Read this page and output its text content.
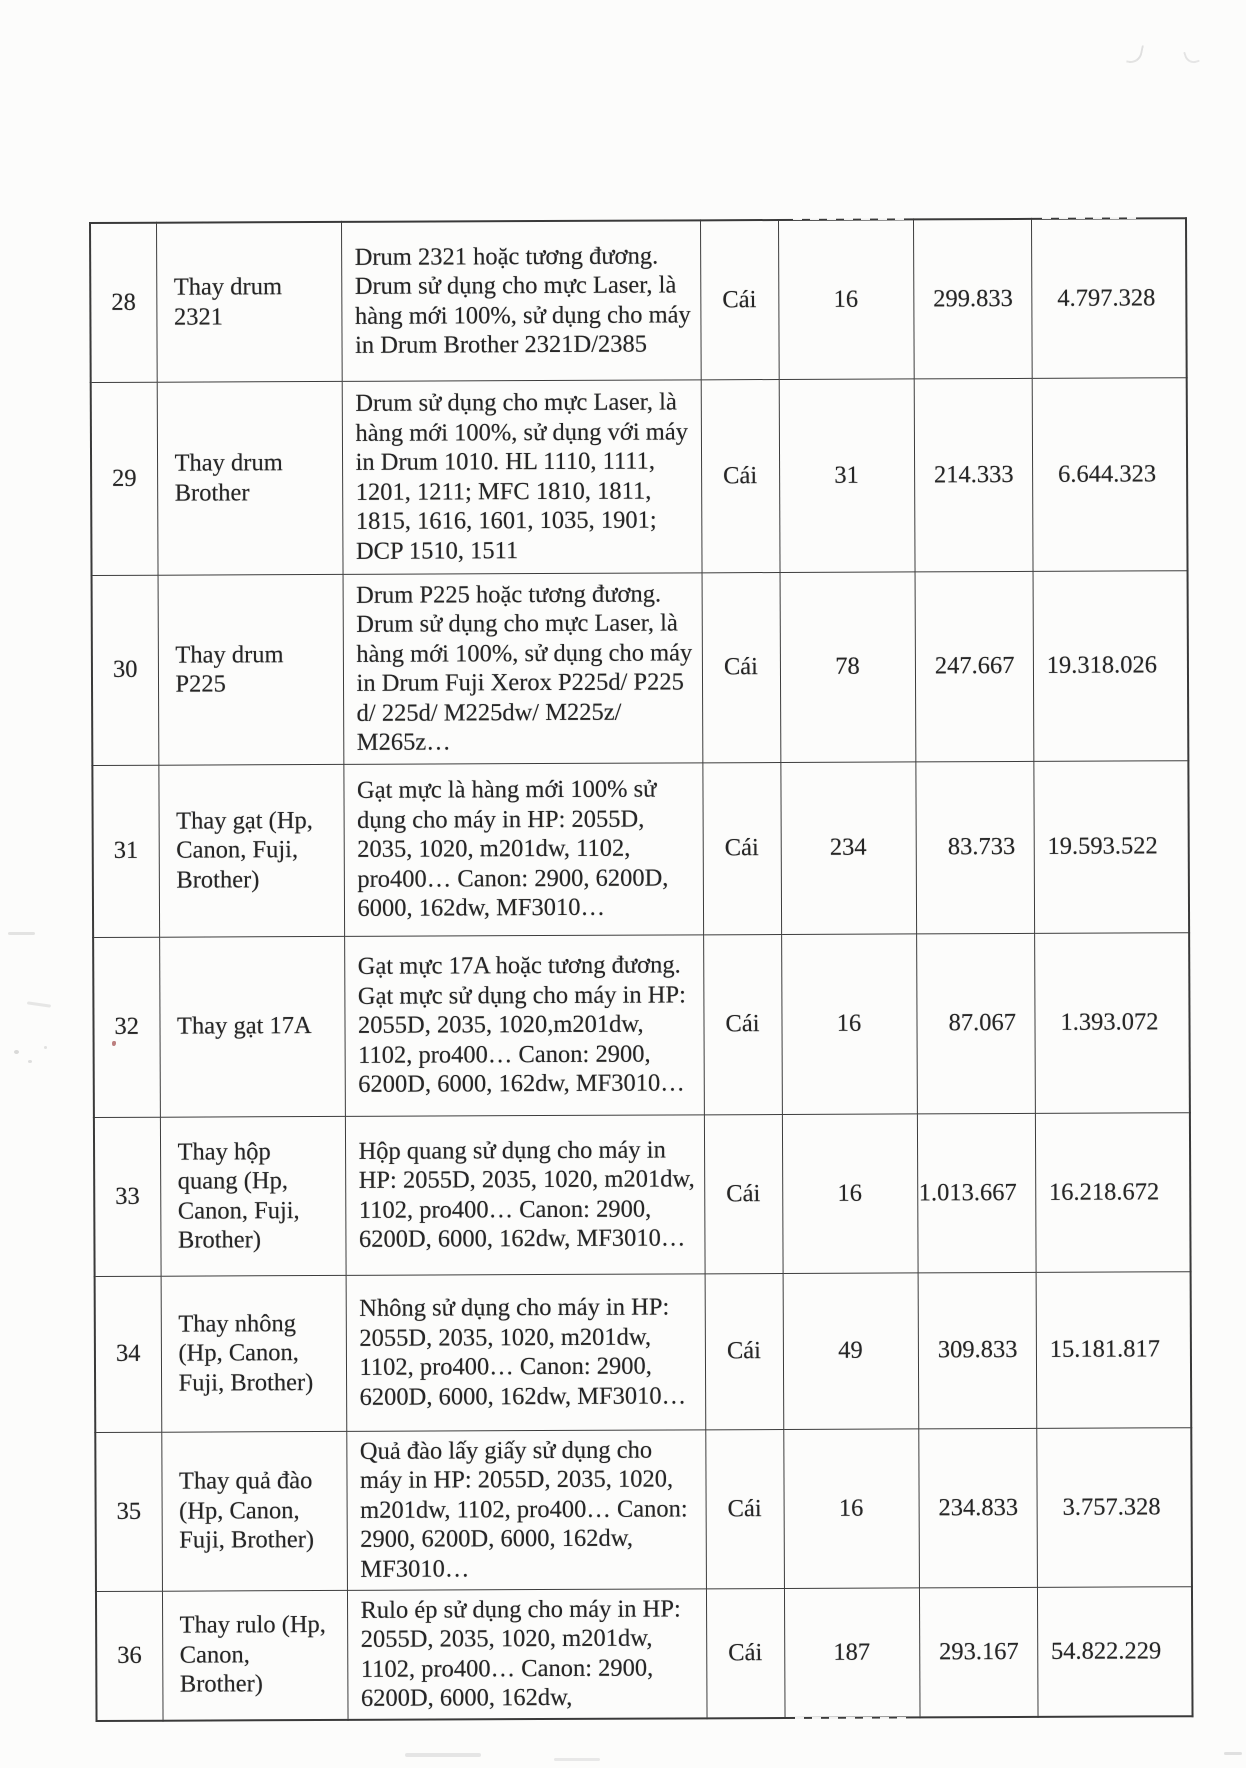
28	Thay drum 2321	Drum 2321 hoặc tương đương. Drum sử dụng cho mực Laser, là hàng mới 100%, sử dụng cho máy in Drum Brother 2321D/2385	Cái	16	299.833	4.797.328
29	Thay drum Brother	Drum sử dụng cho mực Laser, là hàng mới 100%, sử dụng với máy in Drum 1010. HL 1110, 1111, 1201, 1211; MFC 1810, 1811, 1815, 1616, 1601, 1035, 1901; DCP 1510, 1511	Cái	31	214.333	6.644.323
30	Thay drum P225	Drum P225 hoặc tương đương. Drum sử dụng cho mực Laser, là hàng mới 100%, sử dụng cho máy in Drum Fuji Xerox P225d/ P225 d/ 225d/ M225dw/ M225z/ M265z…	Cái	78	247.667	19.318.026
31	Thay gạt (Hp, Canon, Fuji, Brother)	Gạt mực là hàng mới 100% sử dụng cho máy in HP: 2055D, 2035, 1020, m201dw, 1102, pro400… Canon: 2900, 6200D, 6000, 162dw, MF3010…	Cái	234	83.733	19.593.522
32	Thay gạt 17A	Gạt mực 17A hoặc tương đương. Gạt mực sử dụng cho máy in HP: 2055D, 2035, 1020,m201dw, 1102, pro400… Canon: 2900, 6200D, 6000, 162dw, MF3010…	Cái	16	87.067	1.393.072
33	Thay hộp quang (Hp, Canon, Fuji, Brother)	Hộp quang sử dụng cho máy in HP: 2055D, 2035, 1020, m201dw, 1102, pro400… Canon: 2900, 6200D, 6000, 162dw, MF3010…	Cái	16	1.013.667	16.218.672
34	Thay nhông (Hp, Canon, Fuji, Brother)	Nhông sử dụng cho máy in HP: 2055D, 2035, 1020, m201dw, 1102, pro400… Canon: 2900, 6200D, 6000, 162dw, MF3010…	Cái	49	309.833	15.181.817
35	Thay quả đào (Hp, Canon, Fuji, Brother)	Quả đào lấy giấy sử dụng cho máy in HP: 2055D, 2035, 1020, m201dw, 1102, pro400… Canon: 2900, 6200D, 6000, 162dw, MF3010…	Cái	16	234.833	3.757.328
36	Thay rulo (Hp, Canon, Brother)	Rulo ép sử dụng cho máy in HP: 2055D, 2035, 1020, m201dw, 1102, pro400… Canon: 2900, 6200D, 6000, 162dw,	Cái	187	293.167	54.822.229
